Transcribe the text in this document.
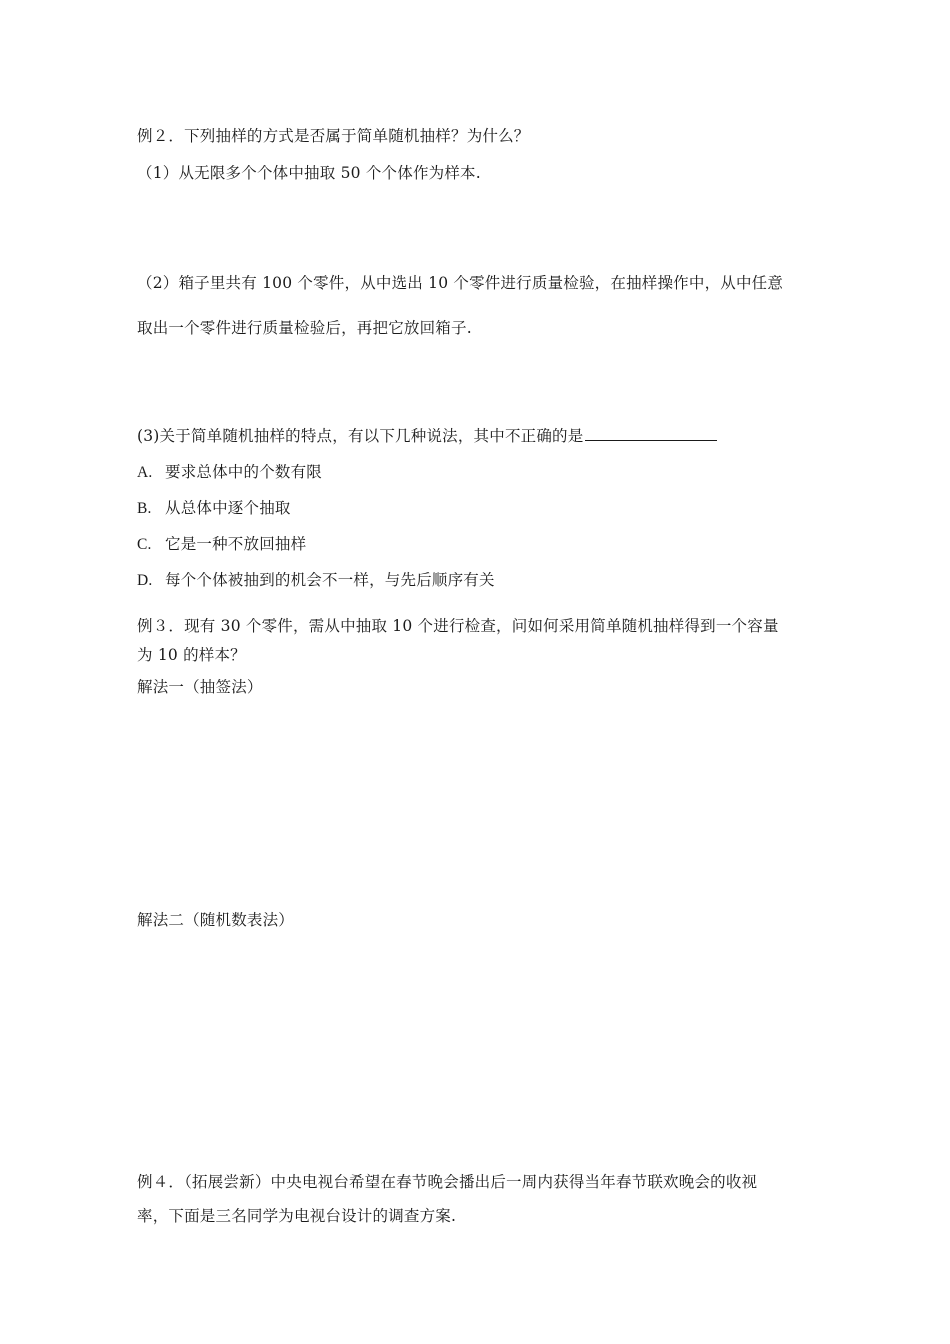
例２．下列抽样的方式是否属于简单随机抽样？为什么？
（1）从无限多个个体中抽取 50 个个体作为样本.
（2）箱子里共有 100 个零件，从中选出 10 个零件进行质量检验，在抽样操作中，从中任意
取出一个零件进行质量检验后，再把它放回箱子.
(3)关于简单随机抽样的特点，有以下几种说法，其中不正确的是
A. 要求总体中的个数有限
B. 从总体中逐个抽取
C. 它是一种不放回抽样
D. 每个个体被抽到的机会不一样，与先后顺序有关
例３．现有 30 个零件，需从中抽取 10 个进行检查，问如何采用简单随机抽样得到一个容量
为 10 的样本？
解法一（抽签法）
解法二（随机数表法）
例４．（拓展尝新）中央电视台希望在春节晚会播出后一周内获得当年春节联欢晚会的收视
率，下面是三名同学为电视台设计的调查方案.
